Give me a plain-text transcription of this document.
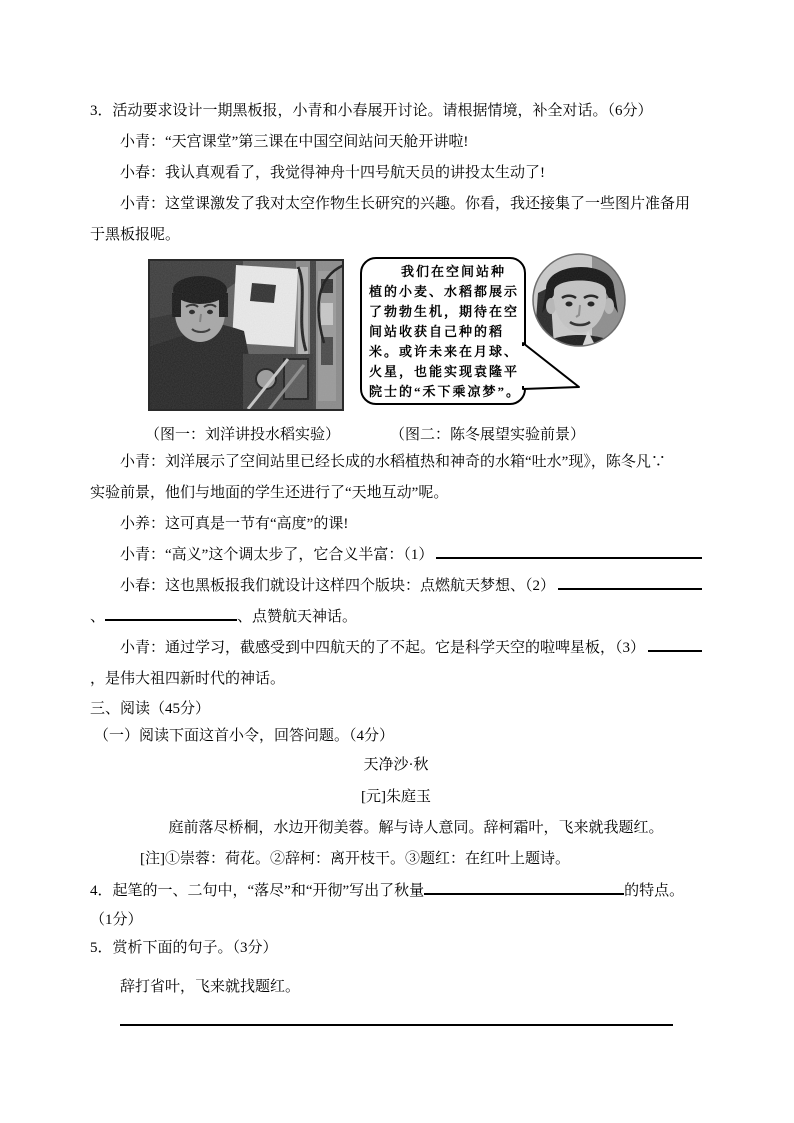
3．活动要求设计一期黑板报，小青和小春展开讨论。请根据情境，补全对话。（6分）
小青：“天宫课堂”第三课在中国空间站问天舱开讲啦!
小春：我认真观看了，我觉得神舟十四号航天员的讲投太生动了!
小青：这堂课激发了我对太空作物生长研究的兴趣。你看，我还接集了一些图片准备用
于黑板报呢。
我们在空间站种
植的小麦、水稻都展示
了勃勃生机，期待在空
间站收获自己种的稻
米。或许未来在月球、
火星，也能实现袁隆平
院士的“禾下乘凉梦”。
（图一：刘洋讲投水稻实验）	（图二：陈冬展望实验前景）
小青：刘洋展示了空间站里已经长成的水稻植热和神奇的水箱“吐水”现》，陈冬凡∵
实验前景，他们与地面的学生还进行了“天地互动”呢。
小养：这可真是一节有“高度”的课!
小青：“高义”这个调太步了，它合义半富：（1）
小春：这也黑板报我们就设计这样四个版块：点燃航天梦想、（2）
、	、点赞航天神话。
小青：通过学习，截感受到中四航天的了不起。它是科学天空的啦啤星板，（3）
，是伟大祖四新时代的神话。
三、阅读（45分）
（一）阅读下面这首小令，回答问题。（4分）
天净沙·秋
[元]朱庭玉
庭前落尽桥桐，水边开彻美蓉。解与诗人意同。辞柯霜叶，飞来就我题红。
[注]①崇蓉：荷花。②辞柯：离开枝干。③题红：在红叶上题诗。
4．起笔的一、二句中，“落尽”和“开彻”写出了秋量	的特点。
（1分）
5．赏析下面的句子。（3分）
辞打省叶，飞来就找题红。
